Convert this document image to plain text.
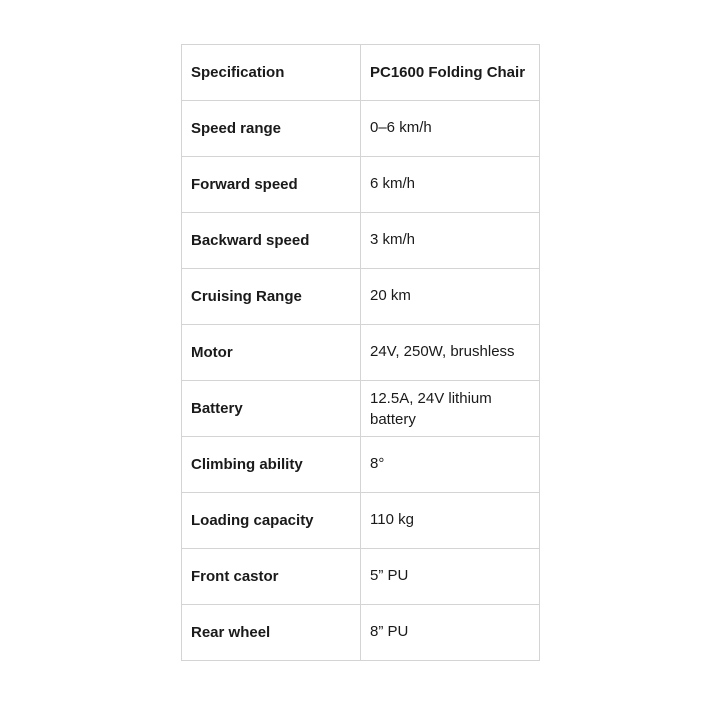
Specification	PC1600 Folding Chair
Speed range	0–6 km/h
Forward speed	6 km/h
Backward speed	3 km/h
Cruising Range	20 km
Motor	24V, 250W, brushless
Battery	12.5A, 24V lithium battery
Climbing ability	8°
Loading capacity	110 kg
Front castor	5” PU
Rear wheel	8” PU
